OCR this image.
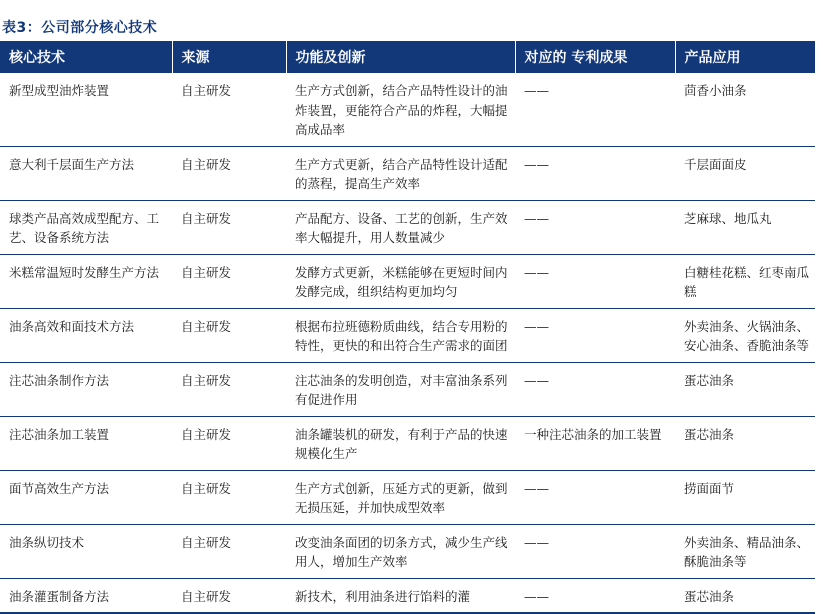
表3：公司部分核心技术
核心技术	来源	功能及创新	对应的 专利成果	产品应用
新型成型油炸装置	自主研发	生产方式创新，结合产品特性设计的油炸装置，更能符合产品的炸程，大幅提高成品率	——	茴香小油条
意大利千层面生产方法	自主研发	生产方式更新，结合产品特性设计适配的蒸程，提高生产效率	——	千层面面皮
球类产品高效成型配方、工艺、设备系统方法	自主研发	产品配方、设备、工艺的创新，生产效率大幅提升，用人数量减少	——	芝麻球、地瓜丸
米糕常温短时发酵生产方法	自主研发	发酵方式更新，米糕能够在更短时间内发酵完成，组织结构更加均匀	——	白糖桂花糕、红枣南瓜糕
油条高效和面技术方法	自主研发	根据布拉班德粉质曲线，结合专用粉的特性，更快的和出符合生产需求的面团	——	外卖油条、火锅油条、安心油条、香脆油条等
注芯油条制作方法	自主研发	注芯油条的发明创造，对丰富油条系列有促进作用	——	蛋芯油条
注芯油条加工装置	自主研发	油条罐装机的研发，有利于产品的快速规模化生产	一种注芯油条的加工装置	蛋芯油条
面节高效生产方法	自主研发	生产方式创新，压延方式的更新，做到无损压延，并加快成型效率	——	捞面面节
油条纵切技术	自主研发	改变油条面团的切条方式，减少生产线用人，增加生产效率	——	外卖油条、精品油条、酥脆油条等
油条灌蛋制备方法	自主研发	新技术，利用油条进行馅料的灌	——	蛋芯油条
